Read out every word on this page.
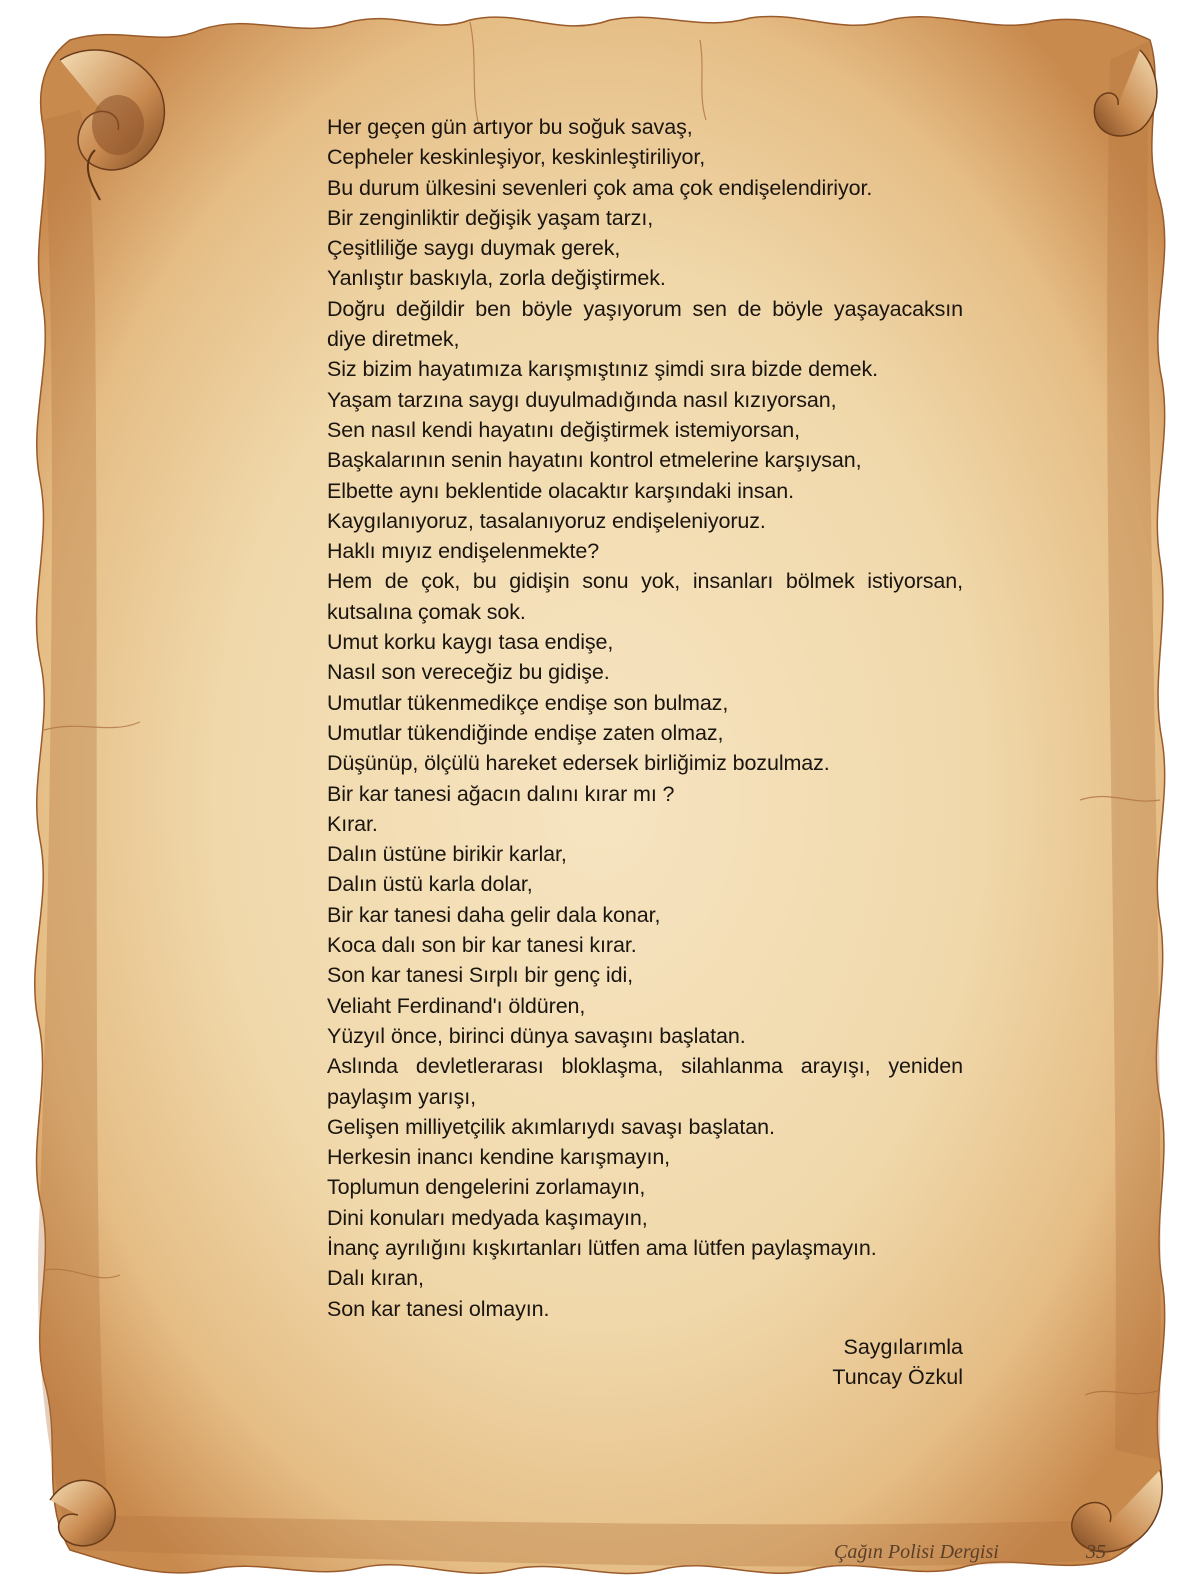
Her geçen gün artıyor bu soğuk savaş,
Cepheler keskinleşiyor, keskinleştiriliyor,
Bu durum ülkesini sevenleri çok ama çok endişelendiriyor.
Bir zenginliktir değişik yaşam tarzı,
Çeşitliliğe saygı duymak gerek,
Yanlıştır baskıyla, zorla değiştirmek.
Doğru değildir ben böyle yaşıyorum sen de böyle yaşayacaksın
diye diretmek,
Siz bizim hayatımıza karışmıştınız şimdi sıra bizde demek.
Yaşam tarzına saygı duyulmadığında nasıl kızıyorsan,
Sen nasıl kendi hayatını değiştirmek istemiyorsan,
Başkalarının senin hayatını kontrol etmelerine karşıysan,
Elbette aynı beklentide olacaktır karşındaki insan.
Kaygılanıyoruz, tasalanıyoruz endişeleniyoruz.
Haklı mıyız endişelenmekte?
Hem de çok, bu gidişin sonu yok, insanları bölmek istiyorsan,
kutsalına çomak sok.
Umut korku kaygı tasa endişe,
Nasıl son vereceğiz bu gidişe.
Umutlar tükenmedikçe endişe son bulmaz,
Umutlar tükendiğinde endişe zaten olmaz,
Düşünüp, ölçülü hareket edersek birliğimiz bozulmaz.
Bir kar tanesi ağacın dalını kırar mı ?
Kırar.
Dalın üstüne birikir karlar,
Dalın üstü karla dolar,
Bir kar tanesi daha gelir dala konar,
Koca dalı son bir kar tanesi kırar.
Son kar tanesi Sırplı bir genç idi,
Veliaht Ferdinand'ı öldüren,
Yüzyıl önce, birinci dünya savaşını başlatan.
Aslında devletlerarası bloklaşma, silahlanma arayışı, yeniden
paylaşım yarışı,
Gelişen milliyetçilik akımlarıydı savaşı başlatan.
Herkesin inancı kendine karışmayın,
Toplumun dengelerini zorlamayın,
Dini konuları medyada kaşımayın,
İnanç ayrılığını kışkırtanları lütfen ama lütfen paylaşmayın.
Dalı kıran,
Son kar tanesi olmayın.
Saygılarımla
Tuncay Özkul
Çağın Polisi Dergisi	35
